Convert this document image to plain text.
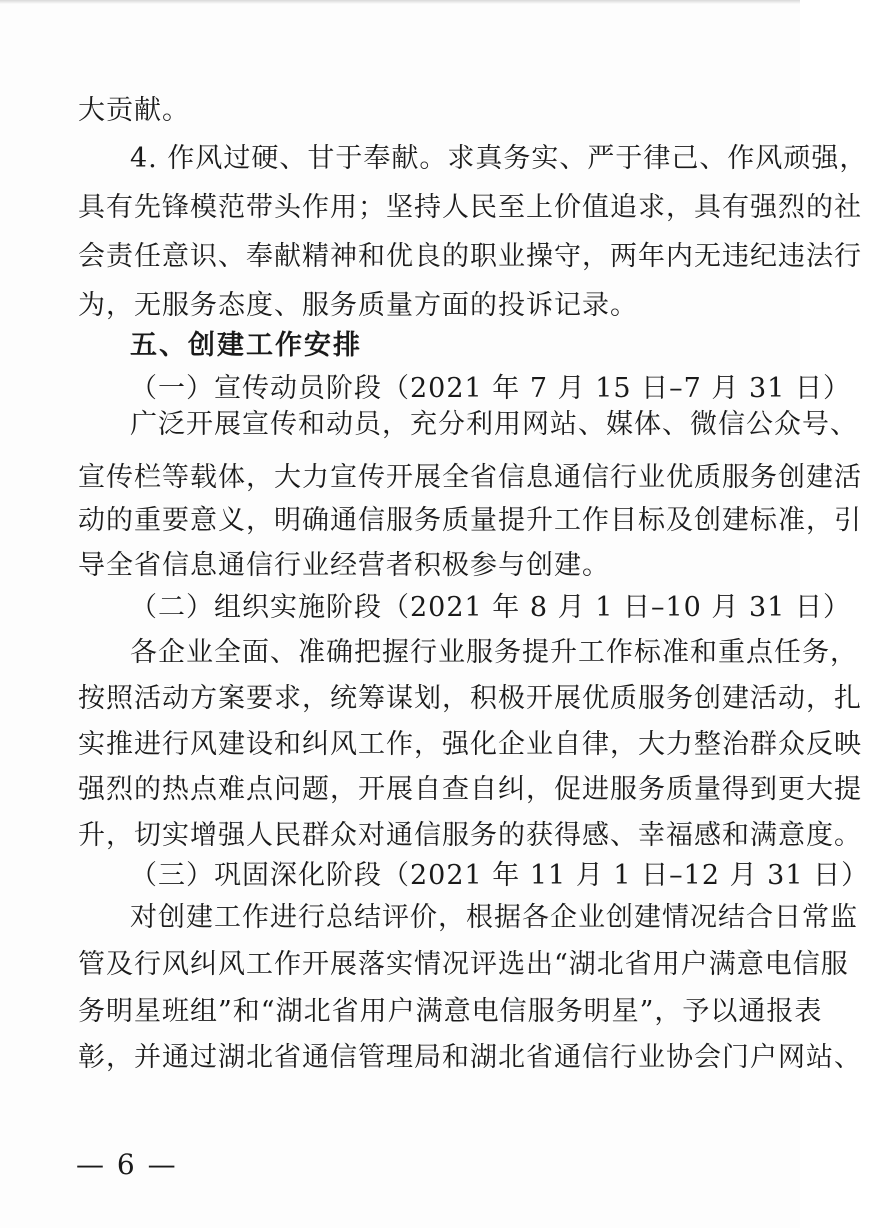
大贡献。
4. 作风过硬、甘于奉献。求真务实、严于律己、作风顽强，
具有先锋模范带头作用；坚持人民至上价值追求，具有强烈的社
会责任意识、奉献精神和优良的职业操守，两年内无违纪违法行
为，无服务态度、服务质量方面的投诉记录。
五、创建工作安排
（一）宣传动员阶段（2021 年 7 月 15 日–7 月 31 日）
广泛开展宣传和动员，充分利用网站、媒体、微信公众号、
宣传栏等载体，大力宣传开展全省信息通信行业优质服务创建活
动的重要意义，明确通信服务质量提升工作目标及创建标准，引
导全省信息通信行业经营者积极参与创建。
（二）组织实施阶段（2021 年 8 月 1 日–10 月 31 日）
各企业全面、准确把握行业服务提升工作标准和重点任务，
按照活动方案要求，统筹谋划，积极开展优质服务创建活动，扎
实推进行风建设和纠风工作，强化企业自律，大力整治群众反映
强烈的热点难点问题，开展自查自纠，促进服务质量得到更大提
升，切实增强人民群众对通信服务的获得感、幸福感和满意度。
（三）巩固深化阶段（2021 年 11 月 1 日–12 月 31 日）
对创建工作进行总结评价，根据各企业创建情况结合日常监
管及行风纠风工作开展落实情况评选出“湖北省用户满意电信服
务明星班组”和“湖北省用户满意电信服务明星”，予以通报表
彰，并通过湖北省通信管理局和湖北省通信行业协会门户网站、
— 6 —
